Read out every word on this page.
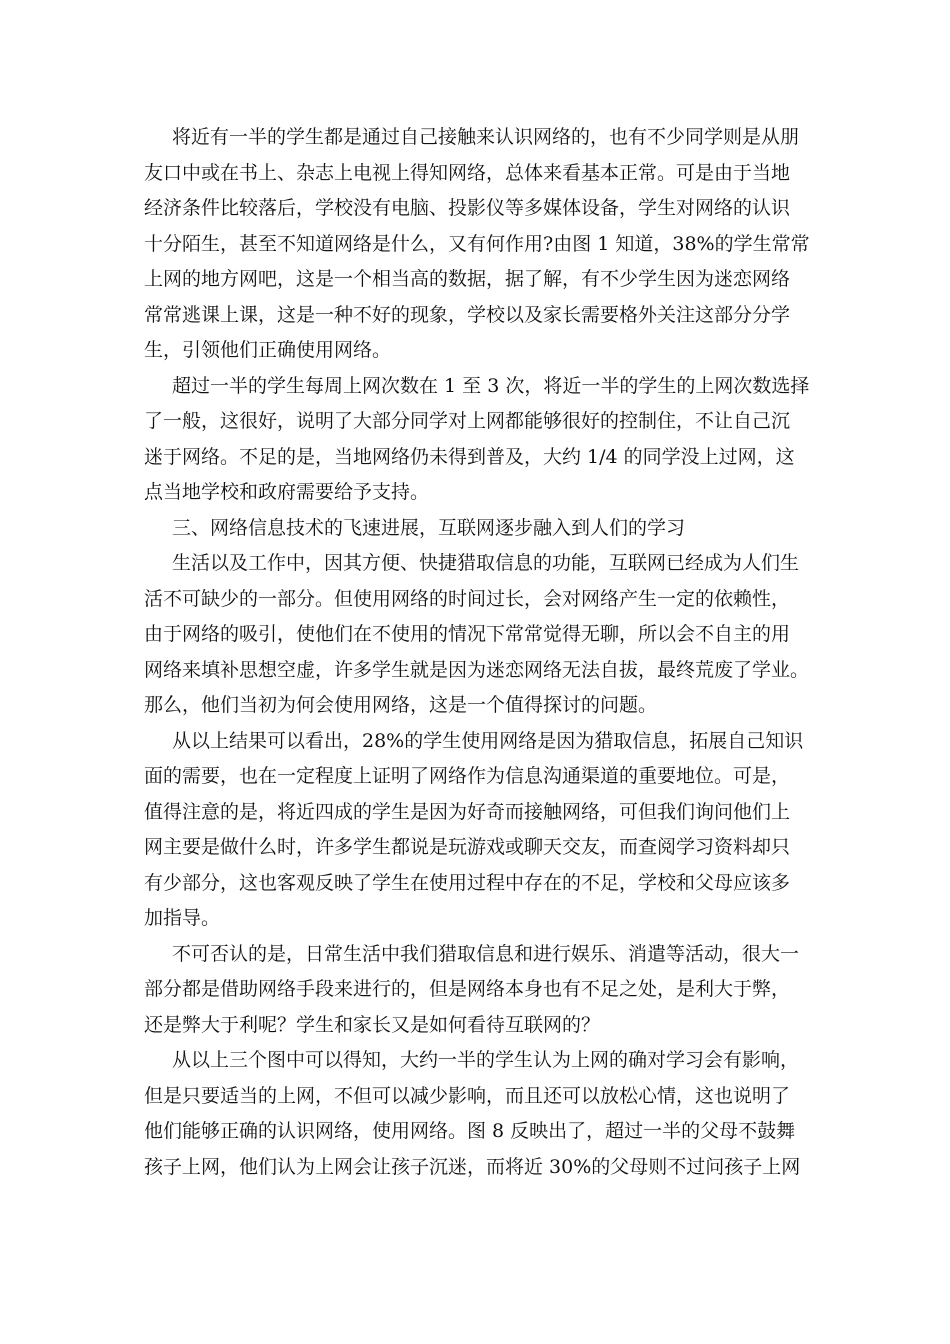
将近有一半的学生都是通过自己接触来认识网络的，也有不少同学则是从朋
友口中或在书上、杂志上电视上得知网络，总体来看基本正常。可是由于当地
经济条件比较落后，学校没有电脑、投影仪等多媒体设备，学生对网络的认识
十分陌生，甚至不知道网络是什么，又有何作用?由图 1 知道，38%的学生常常
上网的地方网吧，这是一个相当高的数据，据了解，有不少学生因为迷恋网络
常常逃课上课，这是一种不好的现象，学校以及家长需要格外关注这部分分学
生，引领他们正确使用网络。
超过一半的学生每周上网次数在 1 至 3 次，将近一半的学生的上网次数选择
了一般，这很好，说明了大部分同学对上网都能够很好的控制住，不让自己沉
迷于网络。不足的是，当地网络仍未得到普及，大约 1/4 的同学没上过网，这
点当地学校和政府需要给予支持。
三、网络信息技术的飞速进展，互联网逐步融入到人们的学习
生活以及工作中，因其方便、快捷猎取信息的功能，互联网已经成为人们生
活不可缺少的一部分。但使用网络的时间过长，会对网络产生一定的依赖性，
由于网络的吸引，使他们在不使用的情况下常常觉得无聊，所以会不自主的用
网络来填补思想空虚，许多学生就是因为迷恋网络无法自拔，最终荒废了学业。
那么，他们当初为何会使用网络，这是一个值得探讨的问题。
从以上结果可以看出，28%的学生使用网络是因为猎取信息，拓展自己知识
面的需要，也在一定程度上证明了网络作为信息沟通渠道的重要地位。可是，
值得注意的是，将近四成的学生是因为好奇而接触网络，可但我们询问他们上
网主要是做什么时，许多学生都说是玩游戏或聊天交友，而查阅学习资料却只
有少部分，这也客观反映了学生在使用过程中存在的不足，学校和父母应该多
加指导。
不可否认的是，日常生活中我们猎取信息和进行娱乐、消遣等活动，很大一
部分都是借助网络手段来进行的，但是网络本身也有不足之处，是利大于弊，
还是弊大于利呢？学生和家长又是如何看待互联网的？
从以上三个图中可以得知，大约一半的学生认为上网的确对学习会有影响，
但是只要适当的上网，不但可以减少影响，而且还可以放松心情，这也说明了
他们能够正确的认识网络，使用网络。图 8 反映出了，超过一半的父母不鼓舞
孩子上网，他们认为上网会让孩子沉迷，而将近 30%的父母则不过问孩子上网
